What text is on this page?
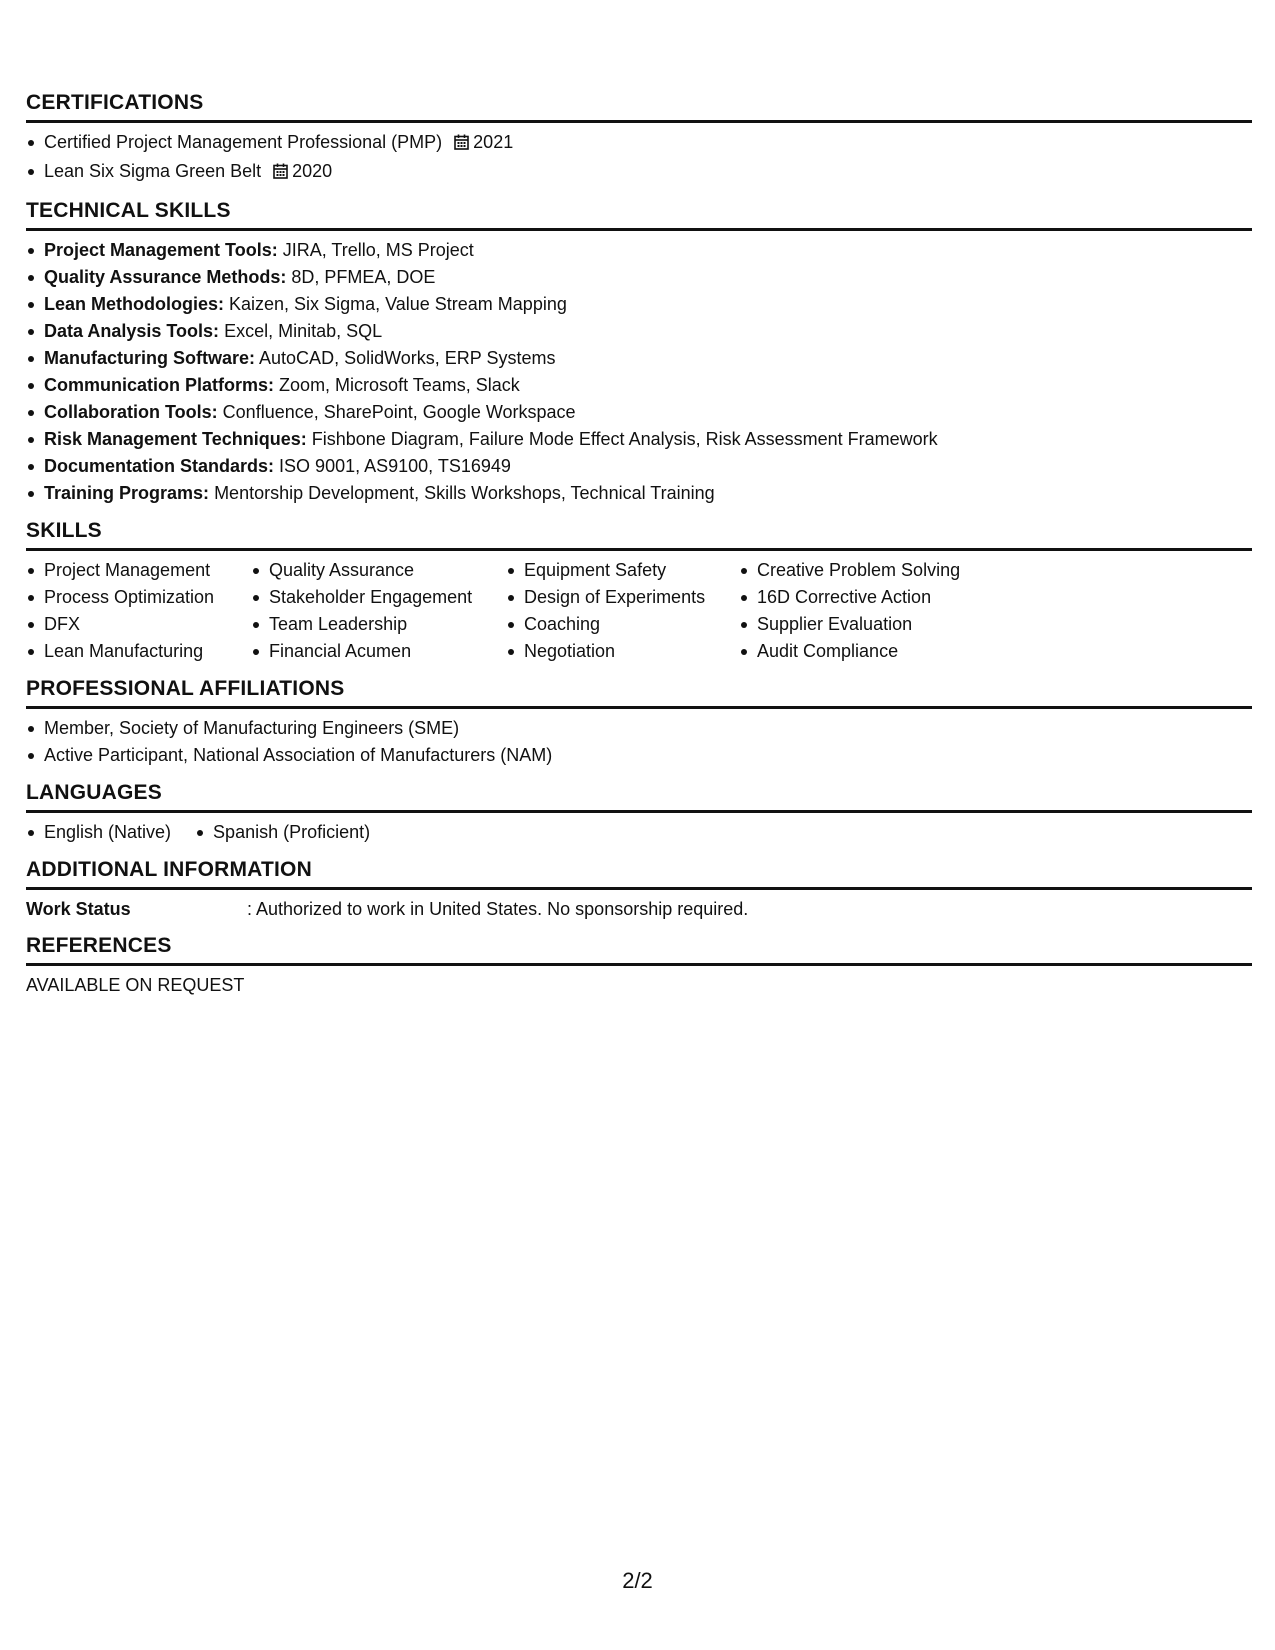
CERTIFICATIONS
Certified Project Management Professional (PMP) 2021
Lean Six Sigma Green Belt 2020
TECHNICAL SKILLS
Project Management Tools: JIRA, Trello, MS Project
Quality Assurance Methods: 8D, PFMEA, DOE
Lean Methodologies: Kaizen, Six Sigma, Value Stream Mapping
Data Analysis Tools: Excel, Minitab, SQL
Manufacturing Software: AutoCAD, SolidWorks, ERP Systems
Communication Platforms: Zoom, Microsoft Teams, Slack
Collaboration Tools: Confluence, SharePoint, Google Workspace
Risk Management Techniques: Fishbone Diagram, Failure Mode Effect Analysis, Risk Assessment Framework
Documentation Standards: ISO 9001, AS9100, TS16949
Training Programs: Mentorship Development, Skills Workshops, Technical Training
SKILLS
Project Management
Process Optimization
DFX
Lean Manufacturing
Quality Assurance
Stakeholder Engagement
Team Leadership
Financial Acumen
Equipment Safety
Design of Experiments
Coaching
Negotiation
Creative Problem Solving
16D Corrective Action
Supplier Evaluation
Audit Compliance
PROFESSIONAL AFFILIATIONS
Member, Society of Manufacturing Engineers (SME)
Active Participant, National Association of Manufacturers (NAM)
LANGUAGES
English (Native)	Spanish (Proficient)
ADDITIONAL INFORMATION
Work Status	: Authorized to work in United States. No sponsorship required.
REFERENCES

AVAILABLE ON REQUEST

2/2
